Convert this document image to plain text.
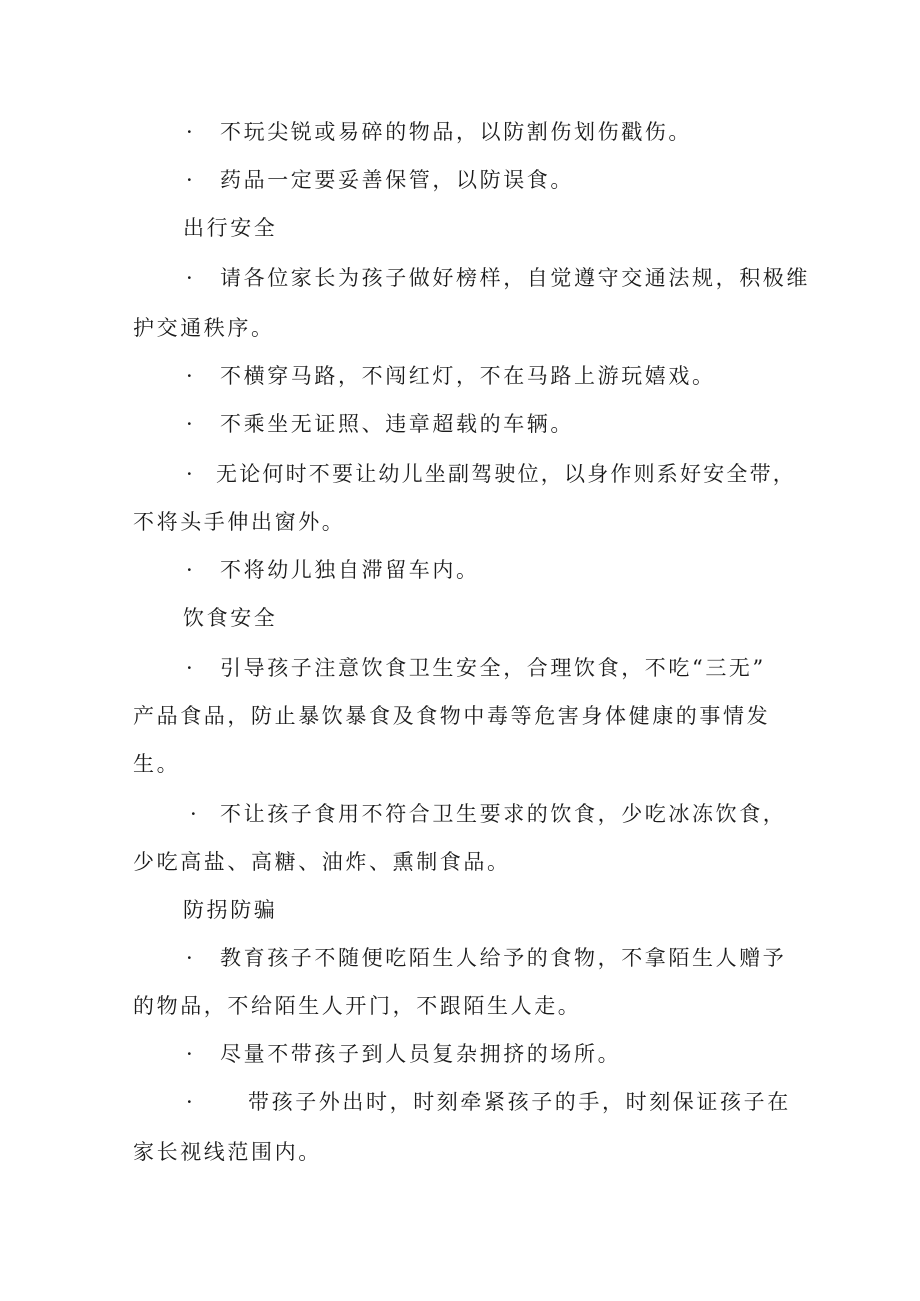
· 不玩尖锐或易碎的物品，以防割伤划伤戳伤。
· 药品一定要妥善保管，以防误食。
出行安全
· 请各位家长为孩子做好榜样，自觉遵守交通法规，积极维
护交通秩序。
· 不横穿马路，不闯红灯，不在马路上游玩嬉戏。
· 不乘坐无证照、违章超载的车辆。
· 无论何时不要让幼儿坐副驾驶位，以身作则系好安全带，
不将头手伸出窗外。
· 不将幼儿独自滞留车内。
饮食安全
· 引导孩子注意饮食卫生安全，合理饮食，不吃“三无”
产品食品，防止暴饮暴食及食物中毒等危害身体健康的事情发
生。
· 不让孩子食用不符合卫生要求的饮食，少吃冰冻饮食，
少吃高盐、高糖、油炸、熏制食品。
防拐防骗
· 教育孩子不随便吃陌生人给予的食物，不拿陌生人赠予
的物品，不给陌生人开门，不跟陌生人走。
· 尽量不带孩子到人员复杂拥挤的场所。
·	带孩子外出时，时刻牵紧孩子的手，时刻保证孩子在
家长视线范围内。
